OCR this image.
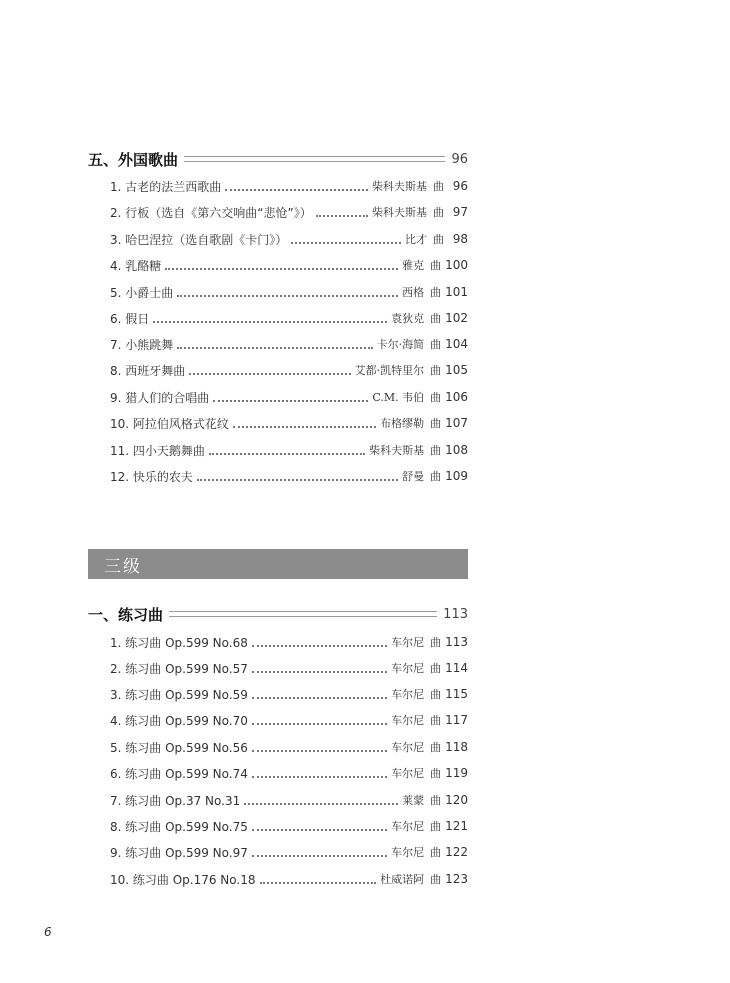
五、外国歌曲	96
1. 古老的法兰西歌曲	柴科夫斯基 曲 96
2. 行板（选自《第六交响曲“悲怆”》）	柴科夫斯基 曲 97
3. 哈巴涅拉（选自歌剧《卡门》）	比才 曲 98
4. 乳酪糖	雅克 曲 100
5. 小爵士曲	西格 曲 101
6. 假日	袁狄克 曲 102
7. 小熊跳舞	卡尔·海简 曲 104
8. 西班牙舞曲	艾都·凯特里尔 曲 105
9. 猎人们的合唱曲	C.M. 韦伯 曲 106
10. 阿拉伯风格式花纹	布格缪勒 曲 107
11. 四小天鹅舞曲	柴科夫斯基 曲 108
12. 快乐的农夫	舒曼 曲 109
三级
一、练习曲	113
1. 练习曲 Op.599 No.68	车尔尼 曲 113
2. 练习曲 Op.599 No.57	车尔尼 曲 114
3. 练习曲 Op.599 No.59	车尔尼 曲 115
4. 练习曲 Op.599 No.70	车尔尼 曲 117
5. 练习曲 Op.599 No.56	车尔尼 曲 118
6. 练习曲 Op.599 No.74	车尔尼 曲 119
7. 练习曲 Op.37 No.31	莱蒙 曲 120
8. 练习曲 Op.599 No.75	车尔尼 曲 121
9. 练习曲 Op.599 No.97	车尔尼 曲 122
10. 练习曲 Op.176 No.18	杜威诺阿 曲 123
6
